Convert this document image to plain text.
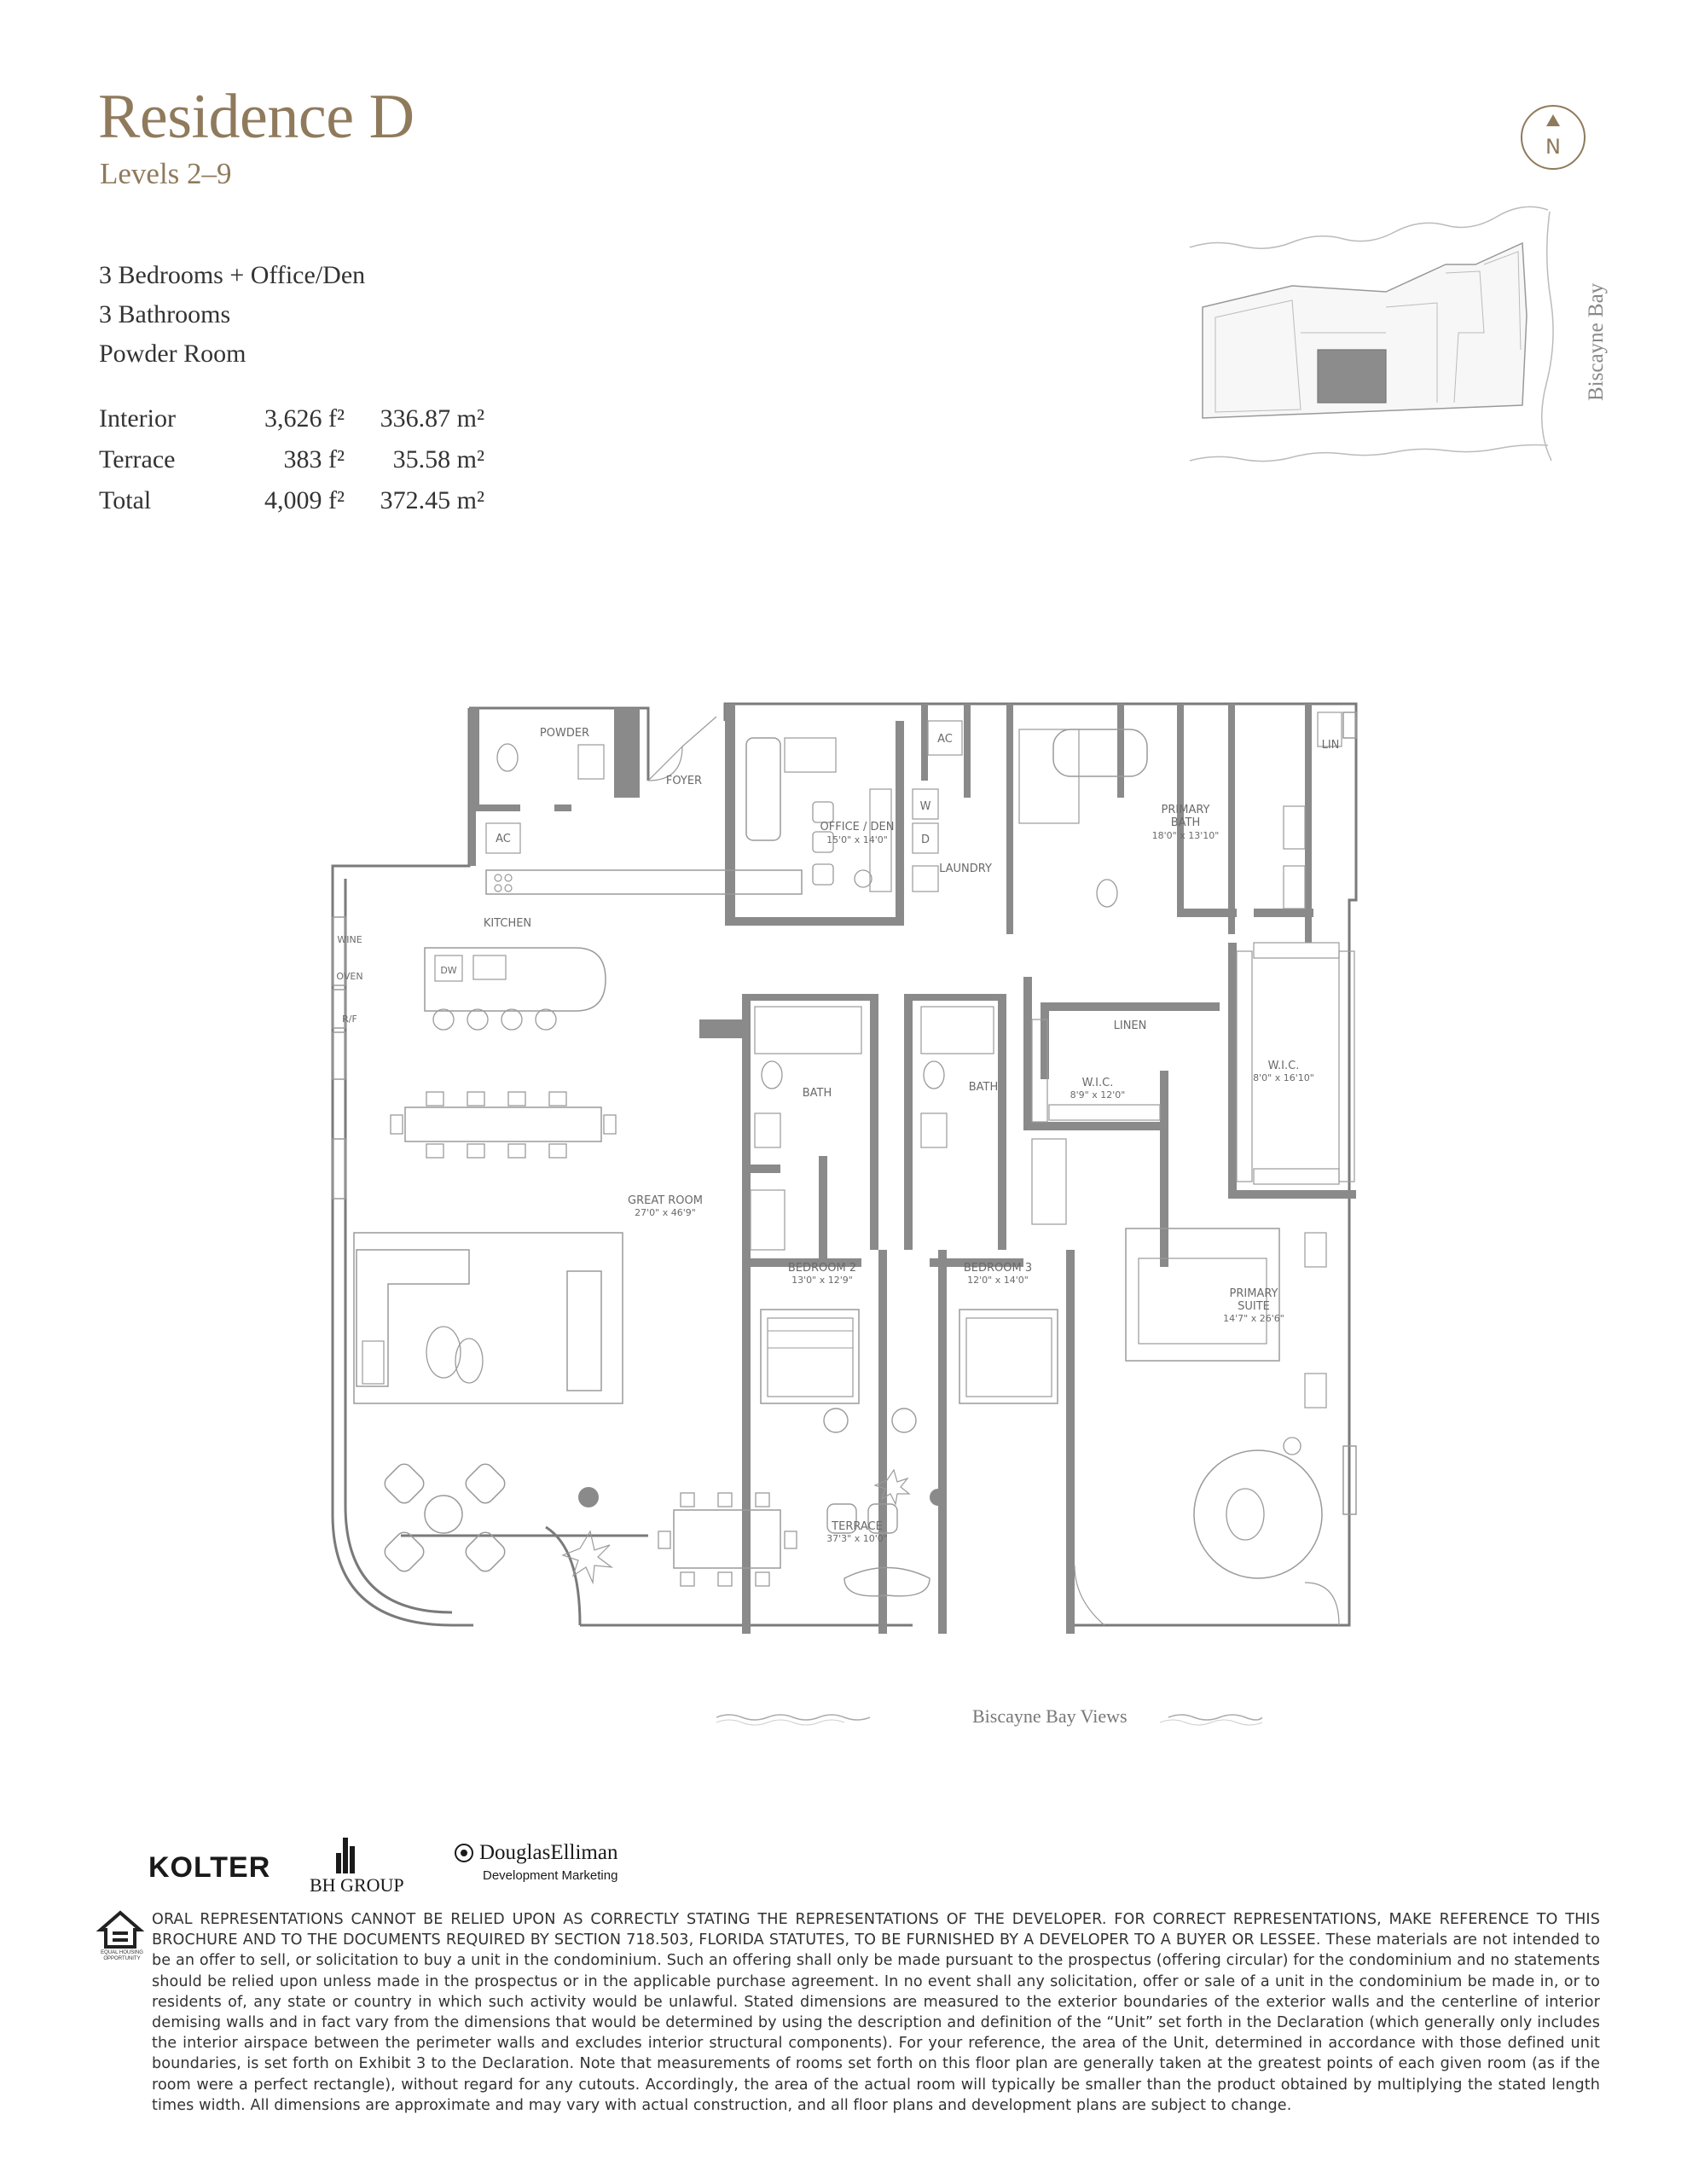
Residence D
Levels 2–9
3 Bedrooms + Office/Den
3 Bathrooms
Powder Room
Interior	3,626 f²	336.87 m²
Terrace	383 f²	35.58 m²
Total	4,009 f²	372.45 m²
N
Biscayne Bay
POWDER
AC
AC
FOYER
OFFICE / DEN
15'0" x 14'0"
W
D
LAUNDRY
LIN
PRIMARY
BATH
18'0" x 13'10"
KITCHEN
WINE
OVEN
R/F
DW
LINEN
BATH	BATH	W.I.C.
8'9" x 12'0"
W.I.C.
8'0" x 16'10"
GREAT ROOM
27'0" x 46'9"
BEDROOM 2
13'0" x 12'9"
BEDROOM 3
12'0" x 14'0"
PRIMARY
SUITE
14'7" x 26'6"
TERRACE
37'3" x 10'0"
Biscayne Bay Views
KOLTER
BH GROUP
DouglasElliman
Development Marketing
EQUAL HOUSING OPPORTUNITY
ORAL REPRESENTATIONS CANNOT BE RELIED UPON AS CORRECTLY STATING THE REPRESENTATIONS OF THE DEVELOPER. FOR CORRECT REPRESENTATIONS, MAKE REFERENCE TO THIS BROCHURE AND TO THE DOCUMENTS REQUIRED BY SECTION 718.503, FLORIDA STATUTES, TO BE FURNISHED BY A DEVELOPER TO A BUYER OR LESSEE. These materials are not intended to be an offer to sell, or solicitation to buy a unit in the condominium. Such an offering shall only be made pursuant to the prospectus (offering circular) for the condominium and no statements should be relied upon unless made in the prospectus or in the applicable purchase agreement. In no event shall any solicitation, offer or sale of a unit in the condominium be made in, or to residents of, any state or country in which such activity would be unlawful. Stated dimensions are measured to the exterior boundaries of the exterior walls and the centerline of interior demising walls and in fact vary from the dimensions that would be determined by using the description and definition of the “Unit” set forth in the Declaration (which generally only includes the interior airspace between the perimeter walls and excludes interior structural components). For your reference, the area of the Unit, determined in accordance with those defined unit boundaries, is set forth on Exhibit 3 to the Declaration. Note that measurements of rooms set forth on this floor plan are generally taken at the greatest points of each given room (as if the room were a perfect rectangle), without regard for any cutouts. Accordingly, the area of the actual room will typically be smaller than the product obtained by multiplying the stated length times width. All dimensions are approximate and may vary with actual construction, and all floor plans and development plans are subject to change.
